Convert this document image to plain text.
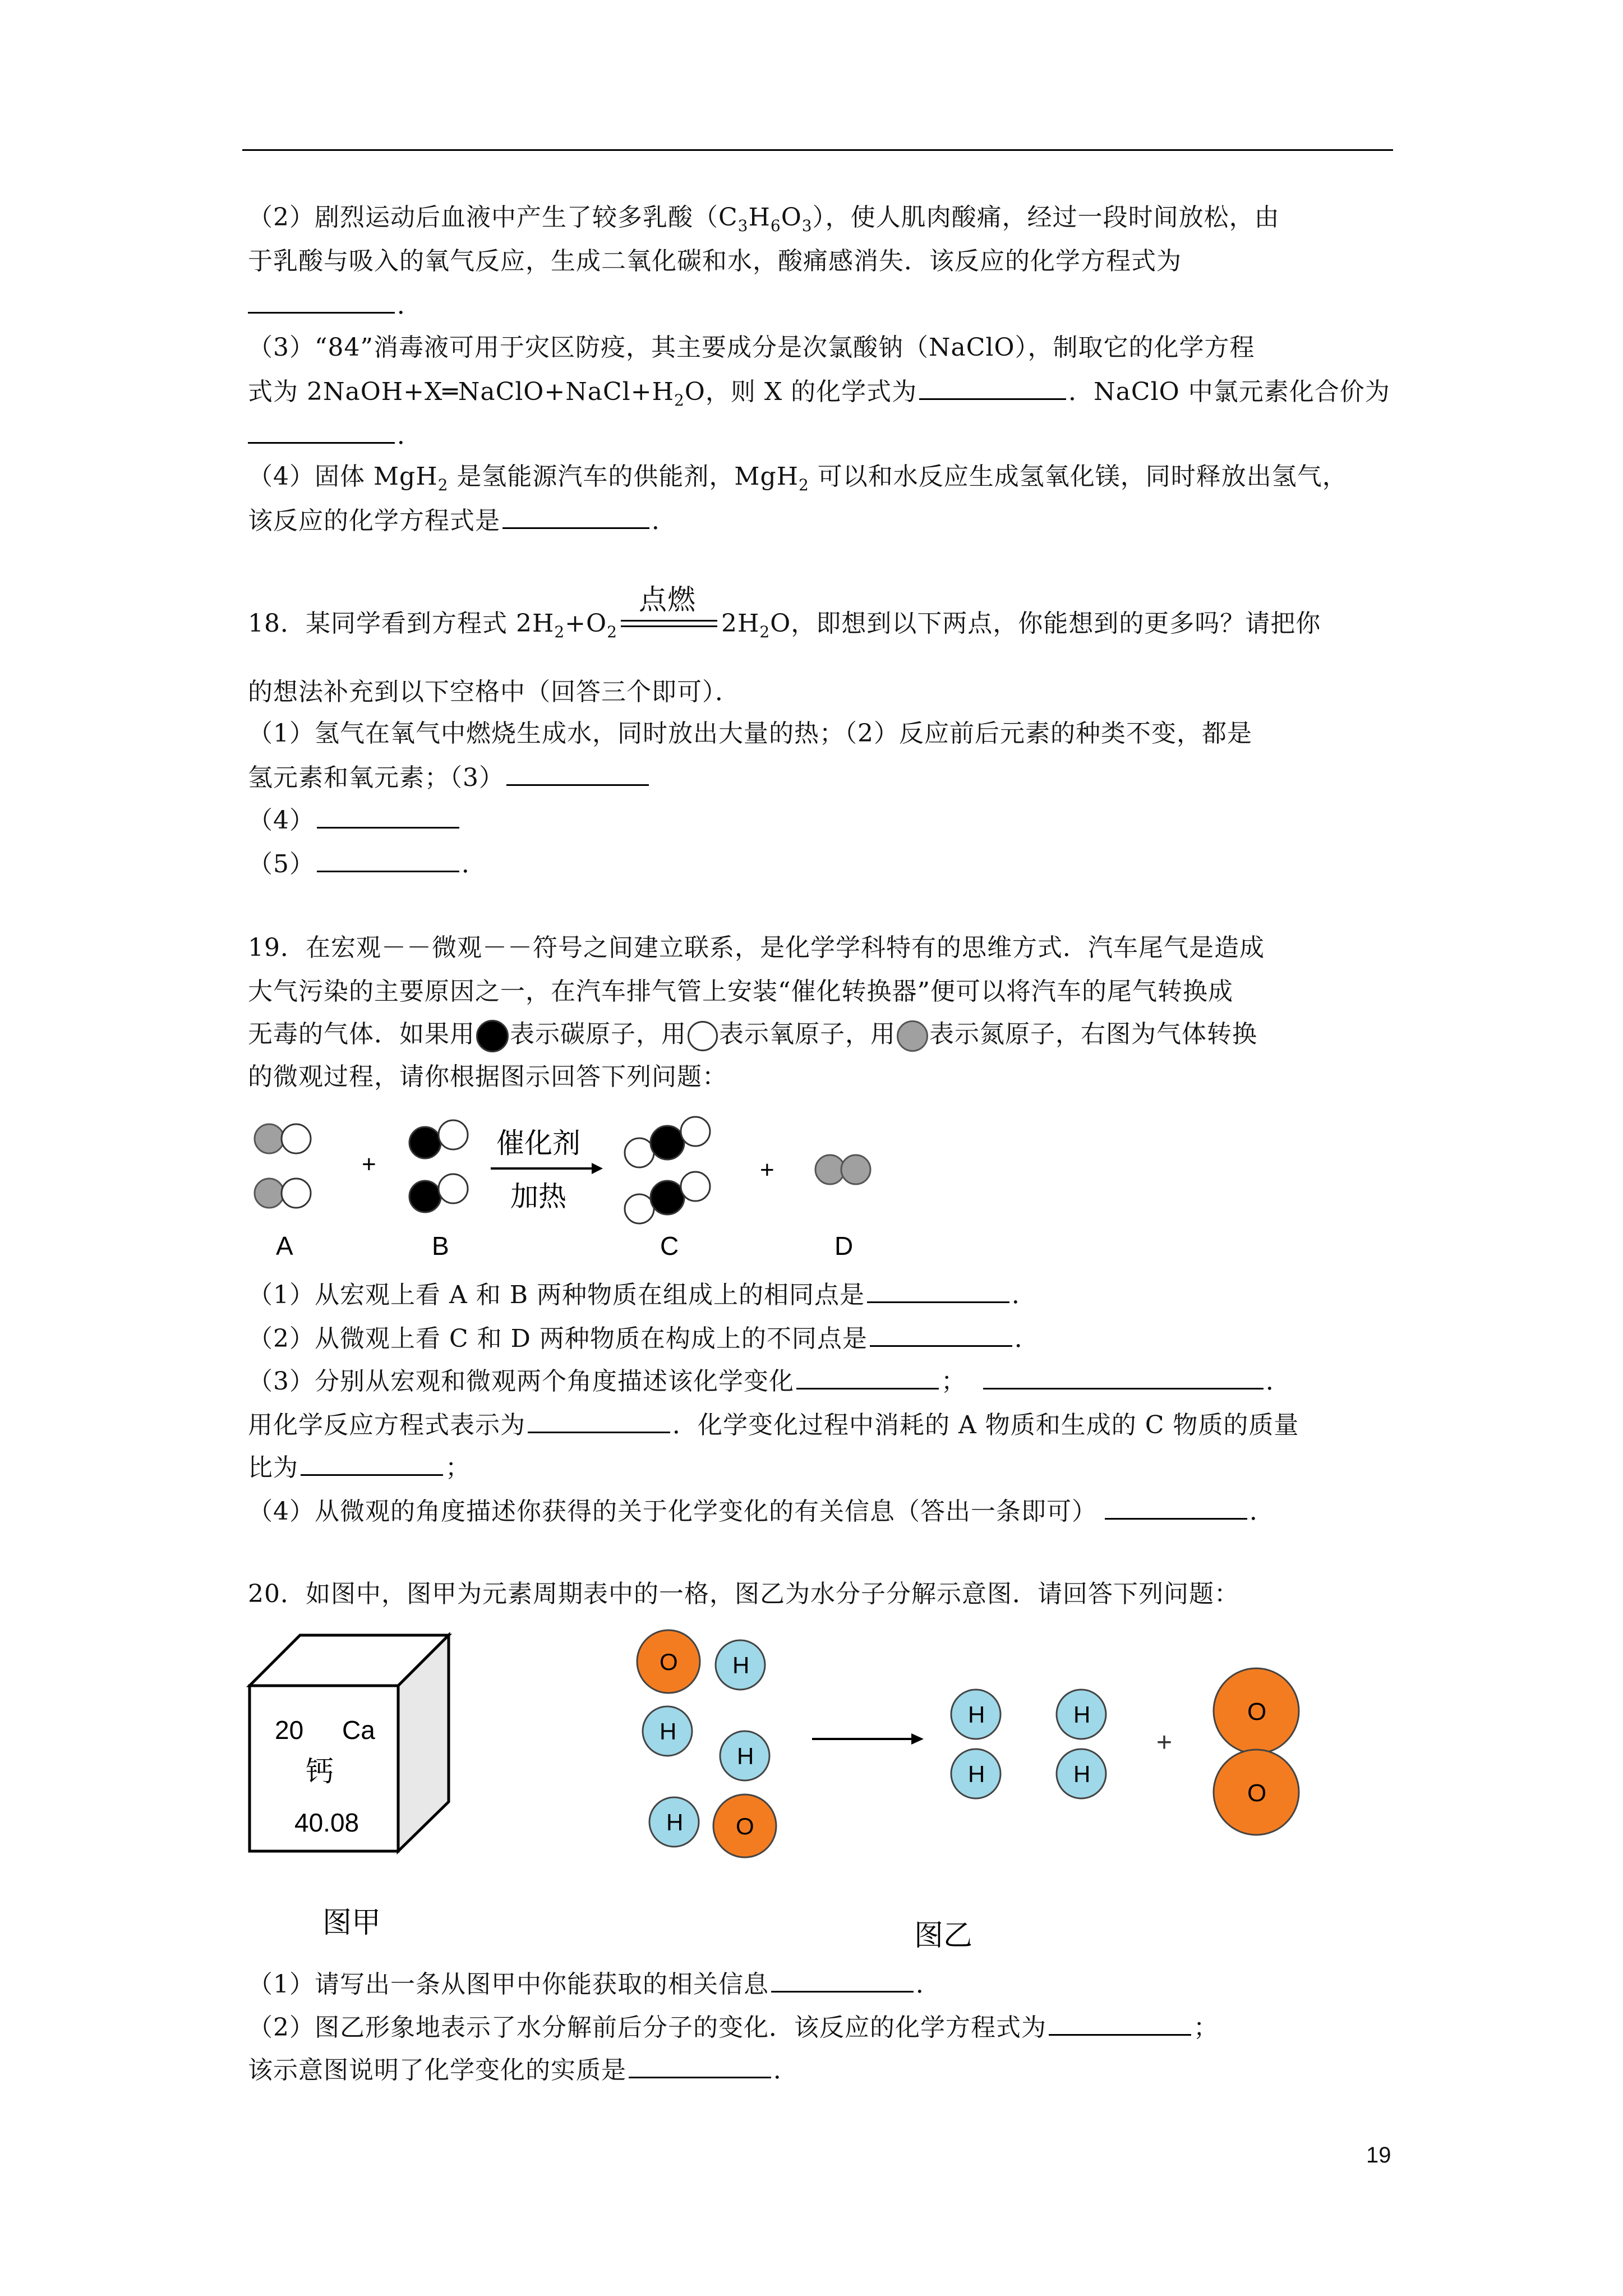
（2）剧烈运动后血液中产生了较多乳酸$(C_3H_6O_3)$，使人肌肉酸痛，经过一段时间放松，由
于乳酸与吸入的氧气反应，生成二氧化碳和水，酸痛感消失．该反应的化学方程式为
．
（3）“84”消毒液可用于灾区防疫，其主要成分是次氯酸钠（NaClO），制取它的化学方程
式为 $2NaOH+X═NaClO+NaCl+H_2O$，则 X 的化学式为	．NaClO 中氯元素化合价为
．
（4）固体 MgH$_2$ 是氢能源汽车的供能剂，MgH$_2$ 可以和水反应生成氢氧化镁，同时释放出氢气，
该反应的化学方程式是	．
18．某同学看到方程式 $2H_2+O_2$
点燃
$2H_2O$，即想到以下两点，你能想到的更多吗？请把你
的想法补充到以下空格中（回答三个即可）．
（1）氢气在氧气中燃烧生成水，同时放出大量的热；（2）反应前后元素的种类不变，都是
氢元素和氧元素；（3）
（4）
（5）	．
19．在宏观－－微观－－符号之间建立联系，是化学学科特有的思维方式．汽车尾气是造成
大气污染的主要原因之一，在汽车排气管上安装“催化转换器”便可以将汽车的尾气转换成
无毒的气体．如果用 表示碳原子，用 表示氧原子，用 表示氮原子，右图为气体转换
的微观过程，请你根据图示回答下列问题：
+
催化剂
加热
+
A	B	C	D
（1）从宏观上看 A 和 B 两种物质在组成上的相同点是	．
（2）从微观上看 C 和 D 两种物质在构成上的不同点是	．
（3）分别从宏观和微观两个角度描述该化学变化	；	．
用化学反应方程式表示为	．化学变化过程中消耗的 A 物质和生成的 C 物质的质量
比为	；
（4）从微观的角度描述你获得的关于化学变化的有关信息（答出一条即可）	．
20．如图中，图甲为元素周期表中的一格，图乙为水分子分解示意图．请回答下列问题：
20 Ca
钙
40.08
图甲
O H
H
H
H O
H
H
H
H
+
O
O
图乙
（1）请写出一条从图甲中你能获取的相关信息	．
（2）图乙形象地表示了水分解前后分子的变化．该反应的化学方程式为	；
该示意图说明了化学变化的实质是	．
19
